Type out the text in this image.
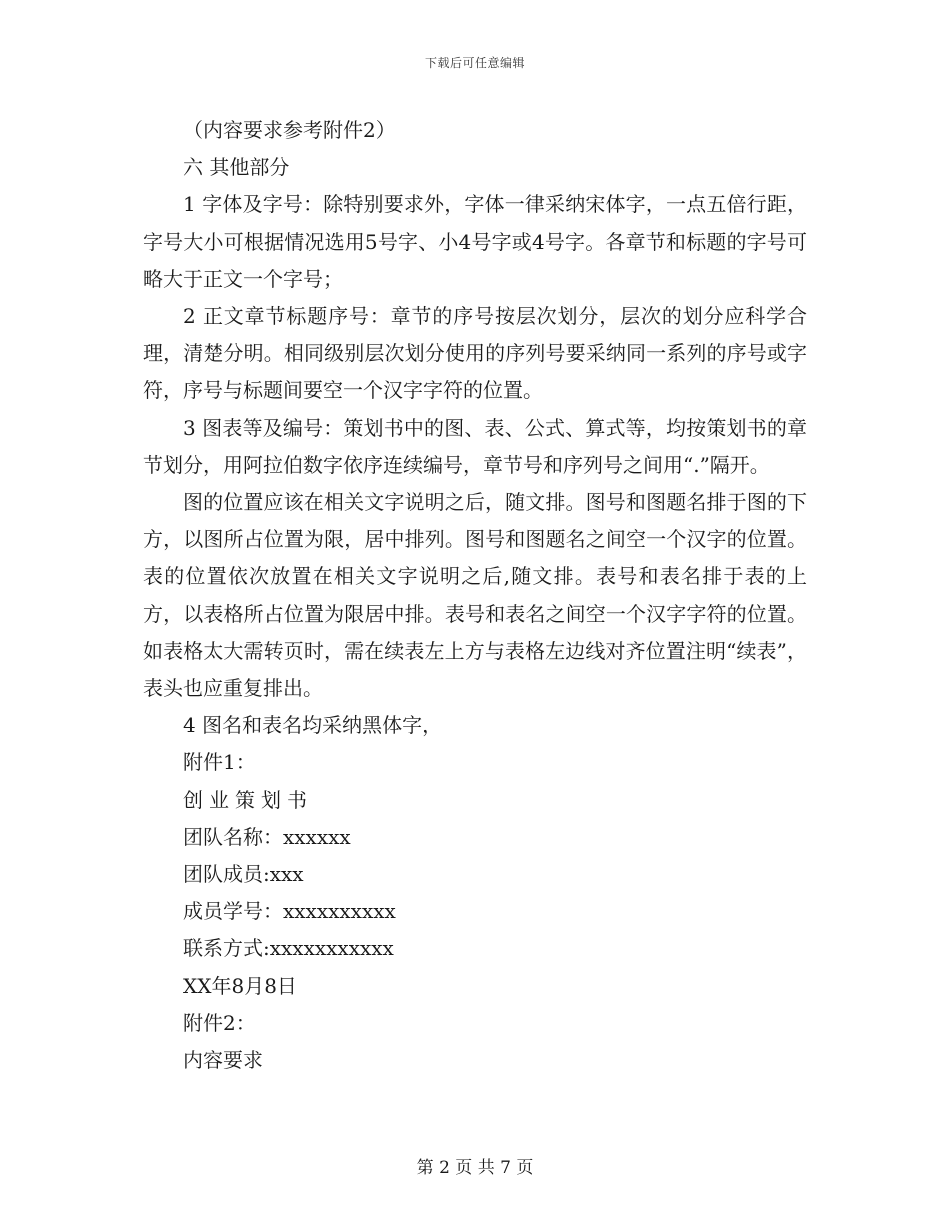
下载后可任意编辑
（内容要求参考附件2）
六 其他部分

1 字体及字号：除特别要求外，字体一律采纳宋体字，一点五倍行距，字号大小可根据情况选用5号字、小4号字或4号字。各章节和标题的字号可略大于正文一个字号；

2 正文章节标题序号：章节的序号按层次划分，层次的划分应科学合理，清楚分明。相同级别层次划分使用的序列号要采纳同一系列的序号或字符，序号与标题间要空一个汉字字符的位置。

3 图表等及编号：策划书中的图、表、公式、算式等，均按策划书的章节划分，用阿拉伯数字依序连续编号，章节号和序列号之间用“.”隔开。

图的位置应该在相关文字说明之后，随文排。图号和图题名排于图的下方，以图所占位置为限，居中排列。图号和图题名之间空一个汉字的位置。表的位置依次放置在相关文字说明之后,随文排。表号和表名排于表的上方，以表格所占位置为限居中排。表号和表名之间空一个汉字字符的位置。如表格太大需转页时，需在续表左上方与表格左边线对齐位置注明“续表”，表头也应重复排出。

4 图名和表名均采纳黑体字，
附件1：
创业策划书
团队名称：xxxxxx
团队成员:xxx
成员学号：xxxxxxxxxx
联系方式:xxxxxxxxxxx
XX年8月8日
附件2：
内容要求
第 2 页 共 7 页
